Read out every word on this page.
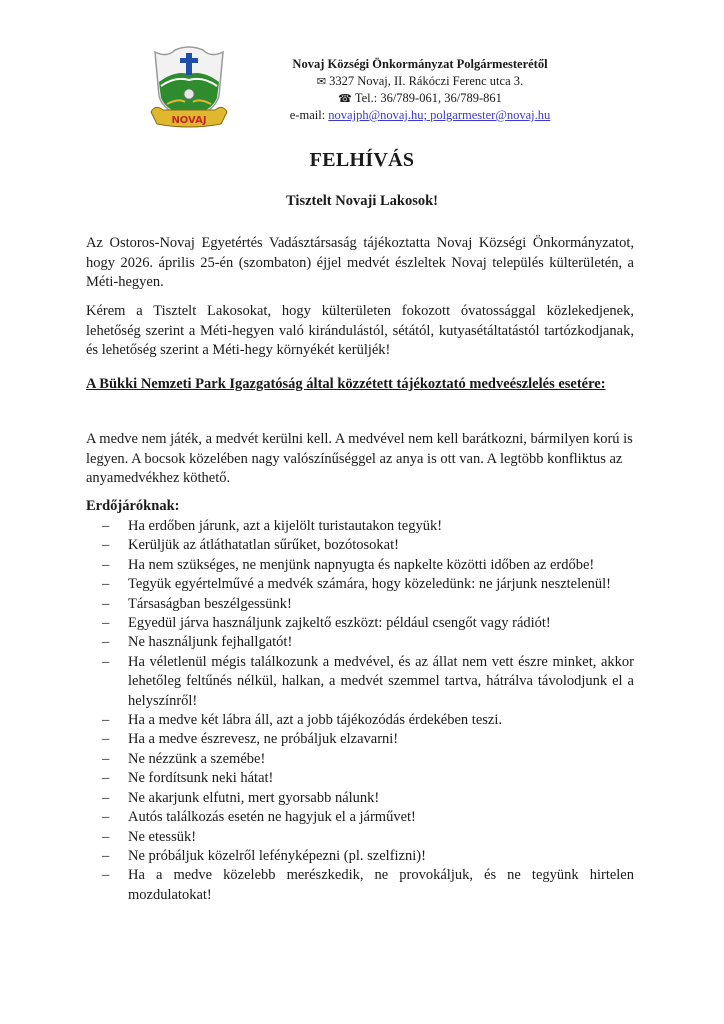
NOVAJ
Novaj Községi Önkormányzat Polgármesterétől
✉ 3327 Novaj, II. Rákóczi Ferenc utca 3.
☎ Tel.: 36/789-061, 36/789-861
e-mail: novajph@novaj.hu; polgarmester@novaj.hu
FELHÍVÁS
Tisztelt Novaji Lakosok!

Az Ostoros-Novaj Egyetértés Vadásztársaság tájékoztatta Novaj Községi Önkormányzatot, hogy 2026. április 25-én (szombaton) éjjel medvét észleltek Novaj település külterületén, a Méti-hegyen.

Kérem a Tisztelt Lakosokat, hogy külterületen fokozott óvatossággal közlekedjenek, lehetőség szerint a Méti-hegyen való kirándulástól, sétától, kutyasétáltatástól tartózkodjanak, és lehetőség szerint a Méti-hegy környékét kerüljék!

A Bükki Nemzeti Park Igazgatóság által közzétett tájékoztató medveészlelés esetére:

A medve nem játék, a medvét kerülni kell. A medvével nem kell barátkozni, bármilyen korú is legyen. A bocsok közelében nagy valószínűséggel az anya is ott van. A legtöbb konfliktus az anyamedvékhez köthető.

Erdőjáróknak:
– Ha erdőben járunk, azt a kijelölt turistautakon tegyük!
– Kerüljük az átláthatatlan sűrűket, bozótosokat!
– Ha nem szükséges, ne menjünk napnyugta és napkelte közötti időben az erdőbe!
– Tegyük egyértelművé a medvék számára, hogy közeledünk: ne járjunk nesztelenül!
– Társaságban beszélgessünk!
– Egyedül járva használjunk zajkeltő eszközt: például csengőt vagy rádiót!
– Ne használjunk fejhallgatót!
– Ha véletlenül mégis találkozunk a medvével, és az állat nem vett észre minket, akkor lehetőleg feltűnés nélkül, halkan, a medvét szemmel tartva, hátrálva távolodjunk el a helyszínről!
– Ha a medve két lábra áll, azt a jobb tájékozódás érdekében teszi.
– Ha a medve észrevesz, ne próbáljuk elzavarni!
– Ne nézzünk a szemébe!
– Ne fordítsunk neki hátat!
– Ne akarjunk elfutni, mert gyorsabb nálunk!
– Autós találkozás esetén ne hagyjuk el a járművet!
– Ne etessük!
– Ne próbáljuk közelről lefényképezni (pl. szelfizni)!
– Ha a medve közelebb merészkedik, ne provokáljuk, és ne tegyünk hirtelen mozdulatokat!
